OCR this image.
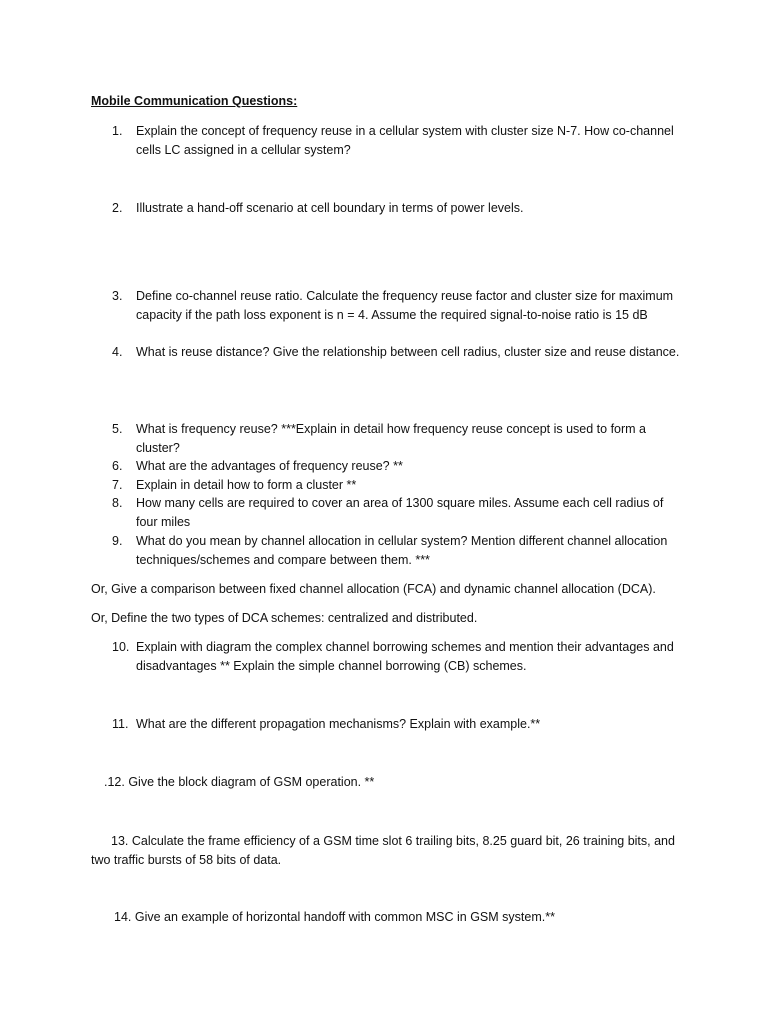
Mobile Communication Questions:
1.	Explain the concept of frequency reuse in a cellular system with cluster size N-7. How co-channel cells LC assigned in a cellular system?
2.	Illustrate a hand-off scenario at cell boundary in terms of power levels.
3.	Define co-channel reuse ratio. Calculate the frequency reuse factor and cluster size for maximum capacity if the path loss exponent is n = 4. Assume the required signal-to-noise ratio is 15 dB
4.	What is reuse distance? Give the relationship between cell radius, cluster size and reuse distance.
5.	What is frequency reuse? ***Explain in detail how frequency reuse concept is used to form a cluster?
6.	What are the advantages of frequency reuse? **
7.	Explain in detail how to form a cluster **
8.	How many cells are required to cover an area of 1300 square miles. Assume each cell radius of four miles
9.	What do you mean by channel allocation in cellular system? Mention different channel allocation techniques/schemes and compare between them. ***
Or, Give a comparison between fixed channel allocation (FCA) and dynamic channel allocation (DCA).
Or, Define the two types of DCA schemes: centralized and distributed.
10. Explain with diagram the complex channel borrowing schemes and mention their advantages and disadvantages ** Explain the simple channel borrowing (CB) schemes.
11. What are the different propagation mechanisms? Explain with example.**
.12. Give the block diagram of GSM operation. **
13. Calculate the frame efficiency of a GSM time slot 6 trailing bits, 8.25 guard bit, 26 training bits, and two traffic bursts of 58 bits of data.
14. Give an example of horizontal handoff with common MSC in GSM system.**
